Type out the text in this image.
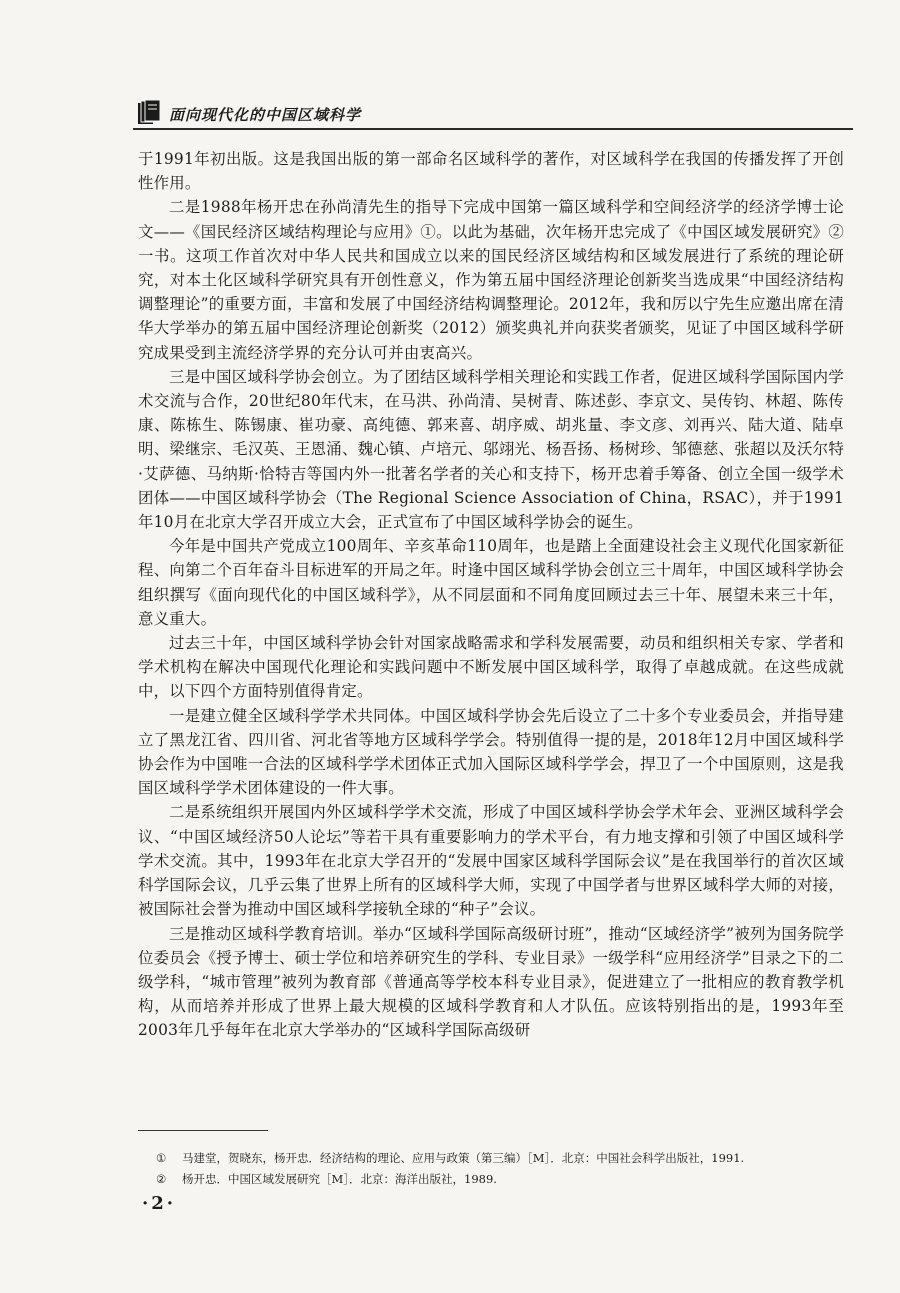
面向现代化的中国区域科学

于1991年初出版。这是我国出版的第一部命名区域科学的著作，对区域科学在我国的传播发挥了开创性作用。

二是1988年杨开忠在孙尚清先生的指导下完成中国第一篇区域科学和空间经济学的经济学博士论文——《国民经济区域结构理论与应用》①。以此为基础，次年杨开忠完成了《中国区域发展研究》② 一书。这项工作首次对中华人民共和国成立以来的国民经济区域结构和区域发展进行了系统的理论研究，对本土化区域科学研究具有开创性意义，作为第五届中国经济理论创新奖当选成果“中国经济结构调整理论”的重要方面，丰富和发展了中国经济结构调整理论。2012年，我和厉以宁先生应邀出席在清华大学举办的第五届中国经济理论创新奖（2012）颁奖典礼并向获奖者颁奖，见证了中国区域科学研究成果受到主流经济学界的充分认可并由衷高兴。

三是中国区域科学协会创立。为了团结区域科学相关理论和实践工作者，促进区域科学国际国内学术交流与合作，20世纪80年代末，在马洪、孙尚清、吴树青、陈述彭、李京文、吴传钧、林超、陈传康、陈栋生、陈锡康、崔功豪、高纯德、郭来喜、胡序威、胡兆量、李文彦、刘再兴、陆大道、陆卓明、梁继宗、毛汉英、王恩涌、魏心镇、卢培元、邬翊光、杨吾扬、杨树珍、邹德慈、张超以及沃尔特·艾萨德、马纳斯·恰特吉等国内外一批著名学者的关心和支持下，杨开忠着手筹备、创立全国一级学术团体——中国区域科学协会（The Regional Science Association of China，RSAC），并于1991年10月在北京大学召开成立大会，正式宣布了中国区域科学协会的诞生。

今年是中国共产党成立100周年、辛亥革命110周年，也是踏上全面建设社会主义现代化国家新征程、向第二个百年奋斗目标进军的开局之年。时逢中国区域科学协会创立三十周年，中国区域科学协会组织撰写《面向现代化的中国区域科学》，从不同层面和不同角度回顾过去三十年、展望未来三十年，意义重大。

过去三十年，中国区域科学协会针对国家战略需求和学科发展需要，动员和组织相关专家、学者和学术机构在解决中国现代化理论和实践问题中不断发展中国区域科学，取得了卓越成就。在这些成就中，以下四个方面特别值得肯定。

一是建立健全区域科学学术共同体。中国区域科学协会先后设立了二十多个专业委员会，并指导建立了黑龙江省、四川省、河北省等地方区域科学学会。特别值得一提的是，2018年12月中国区域科学协会作为中国唯一合法的区域科学学术团体正式加入国际区域科学学会，捍卫了一个中国原则，这是我国区域科学学术团体建设的一件大事。

二是系统组织开展国内外区域科学学术交流，形成了中国区域科学协会学术年会、亚洲区域科学会议、“中国区域经济50人论坛”等若干具有重要影响力的学术平台，有力地支撑和引领了中国区域科学学术交流。其中，1993年在北京大学召开的“发展中国家区域科学国际会议”是在我国举行的首次区域科学国际会议，几乎云集了世界上所有的区域科学大师，实现了中国学者与世界区域科学大师的对接，被国际社会誉为推动中国区域科学接轨全球的“种子”会议。

三是推动区域科学教育培训。举办“区域科学国际高级研讨班”，推动“区域经济学”被列为国务院学位委员会《授予博士、硕士学位和培养研究生的学科、专业目录》一级学科“应用经济学”目录之下的二级学科，“城市管理”被列为教育部《普通高等学校本科专业目录》，促进建立了一批相应的教育教学机构，从而培养并形成了世界上最大规模的区域科学教育和人才队伍。应该特别指出的是，1993年至2003年几乎每年在北京大学举办的“区域科学国际高级研

①	马建堂，贺晓东，杨开忠．经济结构的理论、应用与政策（第三编）［M］．北京：中国社会科学出版社，1991.
②	杨开忠．中国区域发展研究［M］．北京：海洋出版社，1989.
·2·
